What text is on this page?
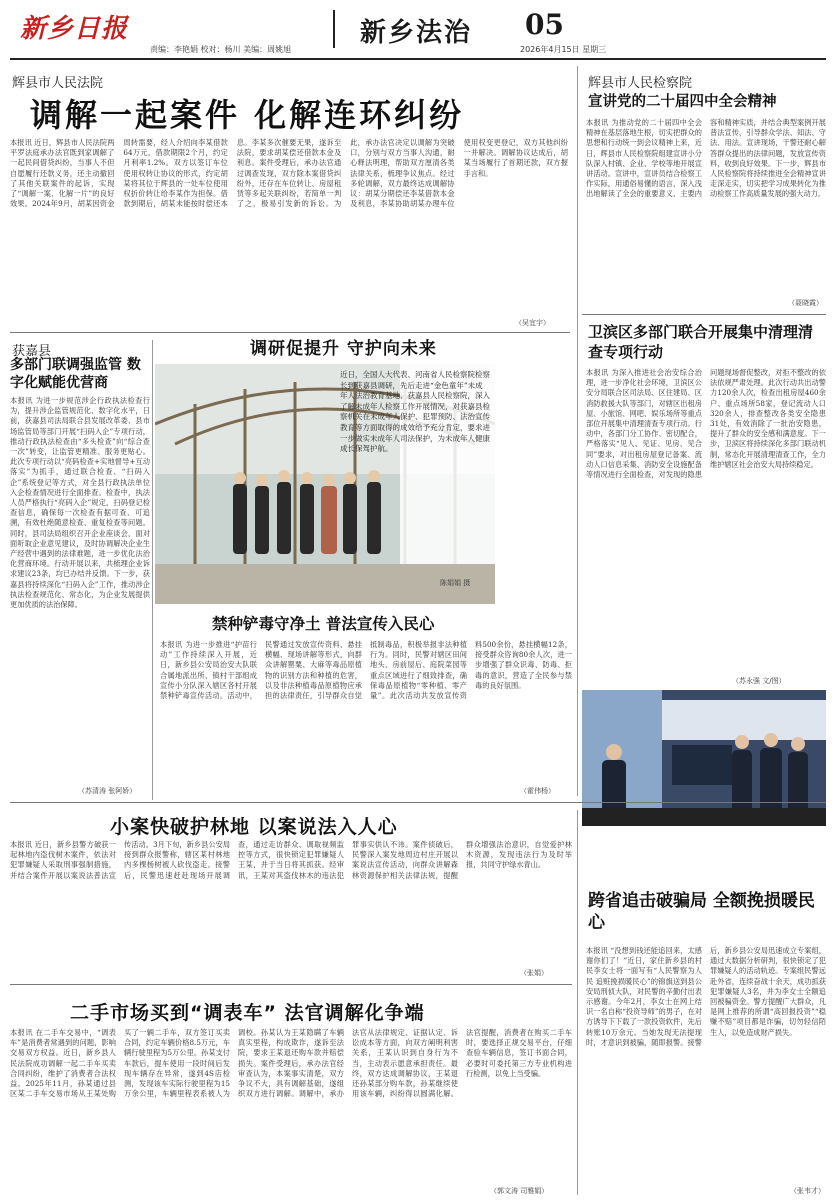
新乡日报	新乡法治 05
责编：李艳娟 校对：杨川 美编：周姚旭	2026年4月15日 星期三
辉县市人民法院
调解一起案件 化解连环纠纷
本报讯 近日，辉县市人民法院两平罗法庭承办法官既到家调解了一起民间借贷纠纷，当事人不但自愿履行还款义务，还主动撤回了其他关联案件的起诉，实现了“调解一案、化解一片”的良好效果。2024年9月，胡某因资金周转需要，经人介绍向李某借款64万元，借款期限2个月，约定月利率1.2%。双方以签订车位使用权转让协议的形式，约定胡某将其位于辉县的一处车位使用权折价转让给李某作为担保。借款到期后，胡某未能按时偿还本息。李某多次催要无果，遂诉至法院，要求胡某偿还借款本金及利息。案件受理后，承办法官通过调查发现，双方除本案借贷纠纷外，还存在车位转让、房屋租赁等多起关联纠纷，若简单一判了之，极易引发新的诉讼。为此，承办法官决定以调解为突破口，分别与双方当事人沟通，耐心释法明理，帮助双方厘清各类法律关系，梳理争议焦点。经过多轮调解，双方最终达成调解协议：胡某分期偿还李某借款本金及利息，李某协助胡某办理车位使用权变更登记，双方其他纠纷一并解决。调解协议达成后，胡某当场履行了首期还款，双方握手言和。
（吴宜宇）
辉县市人民检察院
宣讲党的二十届四中全会精神
本报讯 为推动党的二十届四中全会精神在基层落地生根，切实把群众的思想和行动统一到会议精神上来，近日，辉县市人民检察院组建宣讲小分队深入村镇、企业、学校等地开展宣讲活动。宣讲中，宣讲员结合检察工作实际，用通俗易懂的语言，深入浅出地解读了全会的重要意义、主要内容和精神实质，并结合典型案例开展普法宣传，引导群众学法、知法、守法、用法。宣讲现场，干警还耐心解答群众提出的法律问题，发放宣传资料，收到良好效果。下一步，辉县市人民检察院将持续推进全会精神宣讲走深走实，切实把学习成果转化为推动检察工作高质量发展的强大动力。
（聂晓霞）
获嘉县
多部门联调强监管 数字化赋能优营商
本报讯 为进一步规范涉企行政执法检查行为，提升涉企监管规范化、数字化水平，日前，获嘉县司法局联合县发展改革委、县市场监管局等部门开展“扫码入企”专项行动，推动行政执法检查由“多头检查”向“综合查一次”转变，让监管更精准、服务更贴心。此次专项行动以“亮码检查+实地督导+互动落实”为抓手，通过联合检查、“扫码入企”系统登记等方式，对全县行政执法单位入企检查情况进行全面排查。检查中，执法人员严格执行“亮码入企”规定，扫码登记检查信息，确保每一次检查有据可查、可追溯，有效杜绝随意检查、重复检查等问题。同时，县司法局组织召开企业座谈会，面对面听取企业意见建议，及时协调解决企业生产经营中遇到的法律难题，进一步优化法治化营商环境。行动开展以来，共梳理企业诉求建议23条，均已办结并反馈。下一步，获嘉县将持续深化“扫码入企”工作，推动涉企执法检查规范化、常态化，为企业发展提供更加优质的法治保障。
（苏清涛 张阿娇）
调研促提升 守护向未来
近日，全国人大代表、河南省人民检察院检察长到获嘉县调研，先后走进“金色童年”未成年人法治教育基地、获嘉县人民检察院，深入了解未成年人检察工作开展情况，对获嘉县检察机关在未成年人保护、犯罪预防、法治宣传教育等方面取得的成效给予充分肯定，要求进一步做实未成年人司法保护，为未成年人健康成长保驾护航。
陈娟娟 摄
卫滨区多部门联合开展集中清理清查专项行动
本报讯 为深入推进社会治安综合治理，进一步净化社会环境，卫滨区公安分局联合区司法局、区住建局、区消防救援大队等部门，对辖区出租房屋、小旅馆、网吧、娱乐场所等重点部位开展集中清理清查专项行动。行动中，各部门分工协作、密切配合，严格落实“见人、见证、见房、见合同”要求，对出租房屋登记备案、流动人口信息采集、消防安全设施配备等情况进行全面检查，对发现的隐患问题现场督促整改，对拒不整改的依法依规严肃处理。此次行动共出动警力120余人次，检查出租房屋460余户、重点场所58家，登记流动人口320余人，排查整改各类安全隐患31处，有效消除了一批治安隐患，提升了群众的安全感和满意度。下一步，卫滨区将持续深化多部门联动机制，常态化开展清理清查工作，全力维护辖区社会治安大局持续稳定。
（苏永强 文/图）
禁种铲毒守净土 普法宣传入民心
本报讯 为进一步推进“护苗行动”工作持续深入开展，近日，新乡县公安局治安大队联合属地派出所、镇村干部组成宣传小分队深入辖区各村开展禁种铲毒宣传活动。活动中，民警通过发放宣传资料、悬挂横幅、现场讲解等形式，向群众讲解罂粟、大麻等毒品原植物的识别方法和种植的危害，以及非法种植毒品原植物应承担的法律责任，引导群众自觉抵制毒品，积极举报非法种植行为。同时，民警对辖区田间地头、房前屋后、庭院菜园等重点区域进行了细致排查，确保毒品原植物“零种植、零产量”。此次活动共发放宣传资料500余份，悬挂横幅12条，接受群众咨询80余人次，进一步增强了群众识毒、防毒、拒毒的意识，营造了全民参与禁毒的良好氛围。
（霍伟杨）
小案快破护林地 以案说法入人心
本报讯 近日，新乡县警方破获一起林地内盗伐树木案件，依法对犯罪嫌疑人采取刑事强制措施，并结合案件开展以案说法普法宣传活动。3月下旬，新乡县公安局接到群众报警称，辖区某村林地内多棵杨树被人砍伐盗走。接警后，民警迅速赶赴现场开展调查，通过走访群众、调取视频监控等方式，很快锁定犯罪嫌疑人王某，并于当日将其抓获。经审讯，王某对其盗伐林木的违法犯罪事实供认不讳。案件侦破后，民警深入案发地周边村庄开展以案说法宣传活动，向群众讲解森林资源保护相关法律法规，提醒群众增强法治意识，自觉爱护林木资源，发现违法行为及时举报，共同守护绿水青山。
（张娟）
跨省追击破骗局 全额挽损暖民心
本报讯 “没想到钱还能追回来，太感谢你们了！”近日，家住新乡县的村民李女士将一面写有“人民警察为人民 追赃挽损暖民心”的锦旗送到县公安局刑侦大队，对民警的辛勤付出表示感谢。今年2月，李女士在网上结识一名自称“投资导师”的男子，在对方诱导下下载了一款投资软件，先后转账10万余元。当她发现无法提现时，才意识到被骗，随即报警。接警后，新乡县公安局迅速成立专案组，通过大数据分析研判，很快锁定了犯罪嫌疑人的活动轨迹。专案组民警远赴外省，连续奋战十余天，成功抓获犯罪嫌疑人3名，并为李女士全额追回被骗资金。警方提醒广大群众，凡是网上推荐的所谓“高回报投资”“稳赚不赔”项目都是诈骗，切勿轻信陌生人，以免造成财产损失。
（张韦才）
二手市场买到“调表车” 法官调解化争端
本报讯 在二手车交易中，“调表车”是消费者常遇到的问题，影响交易双方权益。近日，新乡县人民法院成功调解一起二手车买卖合同纠纷，维护了消费者合法权益。2025年11月，孙某通过县区某二手车交易市场从王某处购买了一辆二手车，双方签订买卖合同，约定车辆价格8.5万元，车辆行驶里程为5万公里。孙某支付车款后，提车使用一段时间后发现车辆存在异常，遂到4S店检测，发现该车实际行驶里程为15万余公里，车辆里程表系被人为调校。孙某认为王某隐瞒了车辆真实里程，构成欺诈，遂诉至法院，要求王某退还购车款并赔偿损失。案件受理后，承办法官经审查认为，本案事实清楚，双方争议不大，具有调解基础，遂组织双方进行调解。调解中，承办法官从法律规定、证据认定、诉讼成本等方面，向双方阐明利害关系，王某认识到自身行为不当，主动表示愿意承担责任。最终，双方达成调解协议，王某退还孙某部分购车款，孙某继续使用该车辆，纠纷得以圆满化解。法官提醒，消费者在购买二手车时，要选择正规交易平台，仔细查验车辆信息，签订书面合同，必要时可委托第三方专业机构进行检测，以免上当受骗。
（郭文涛 司雅娟）
